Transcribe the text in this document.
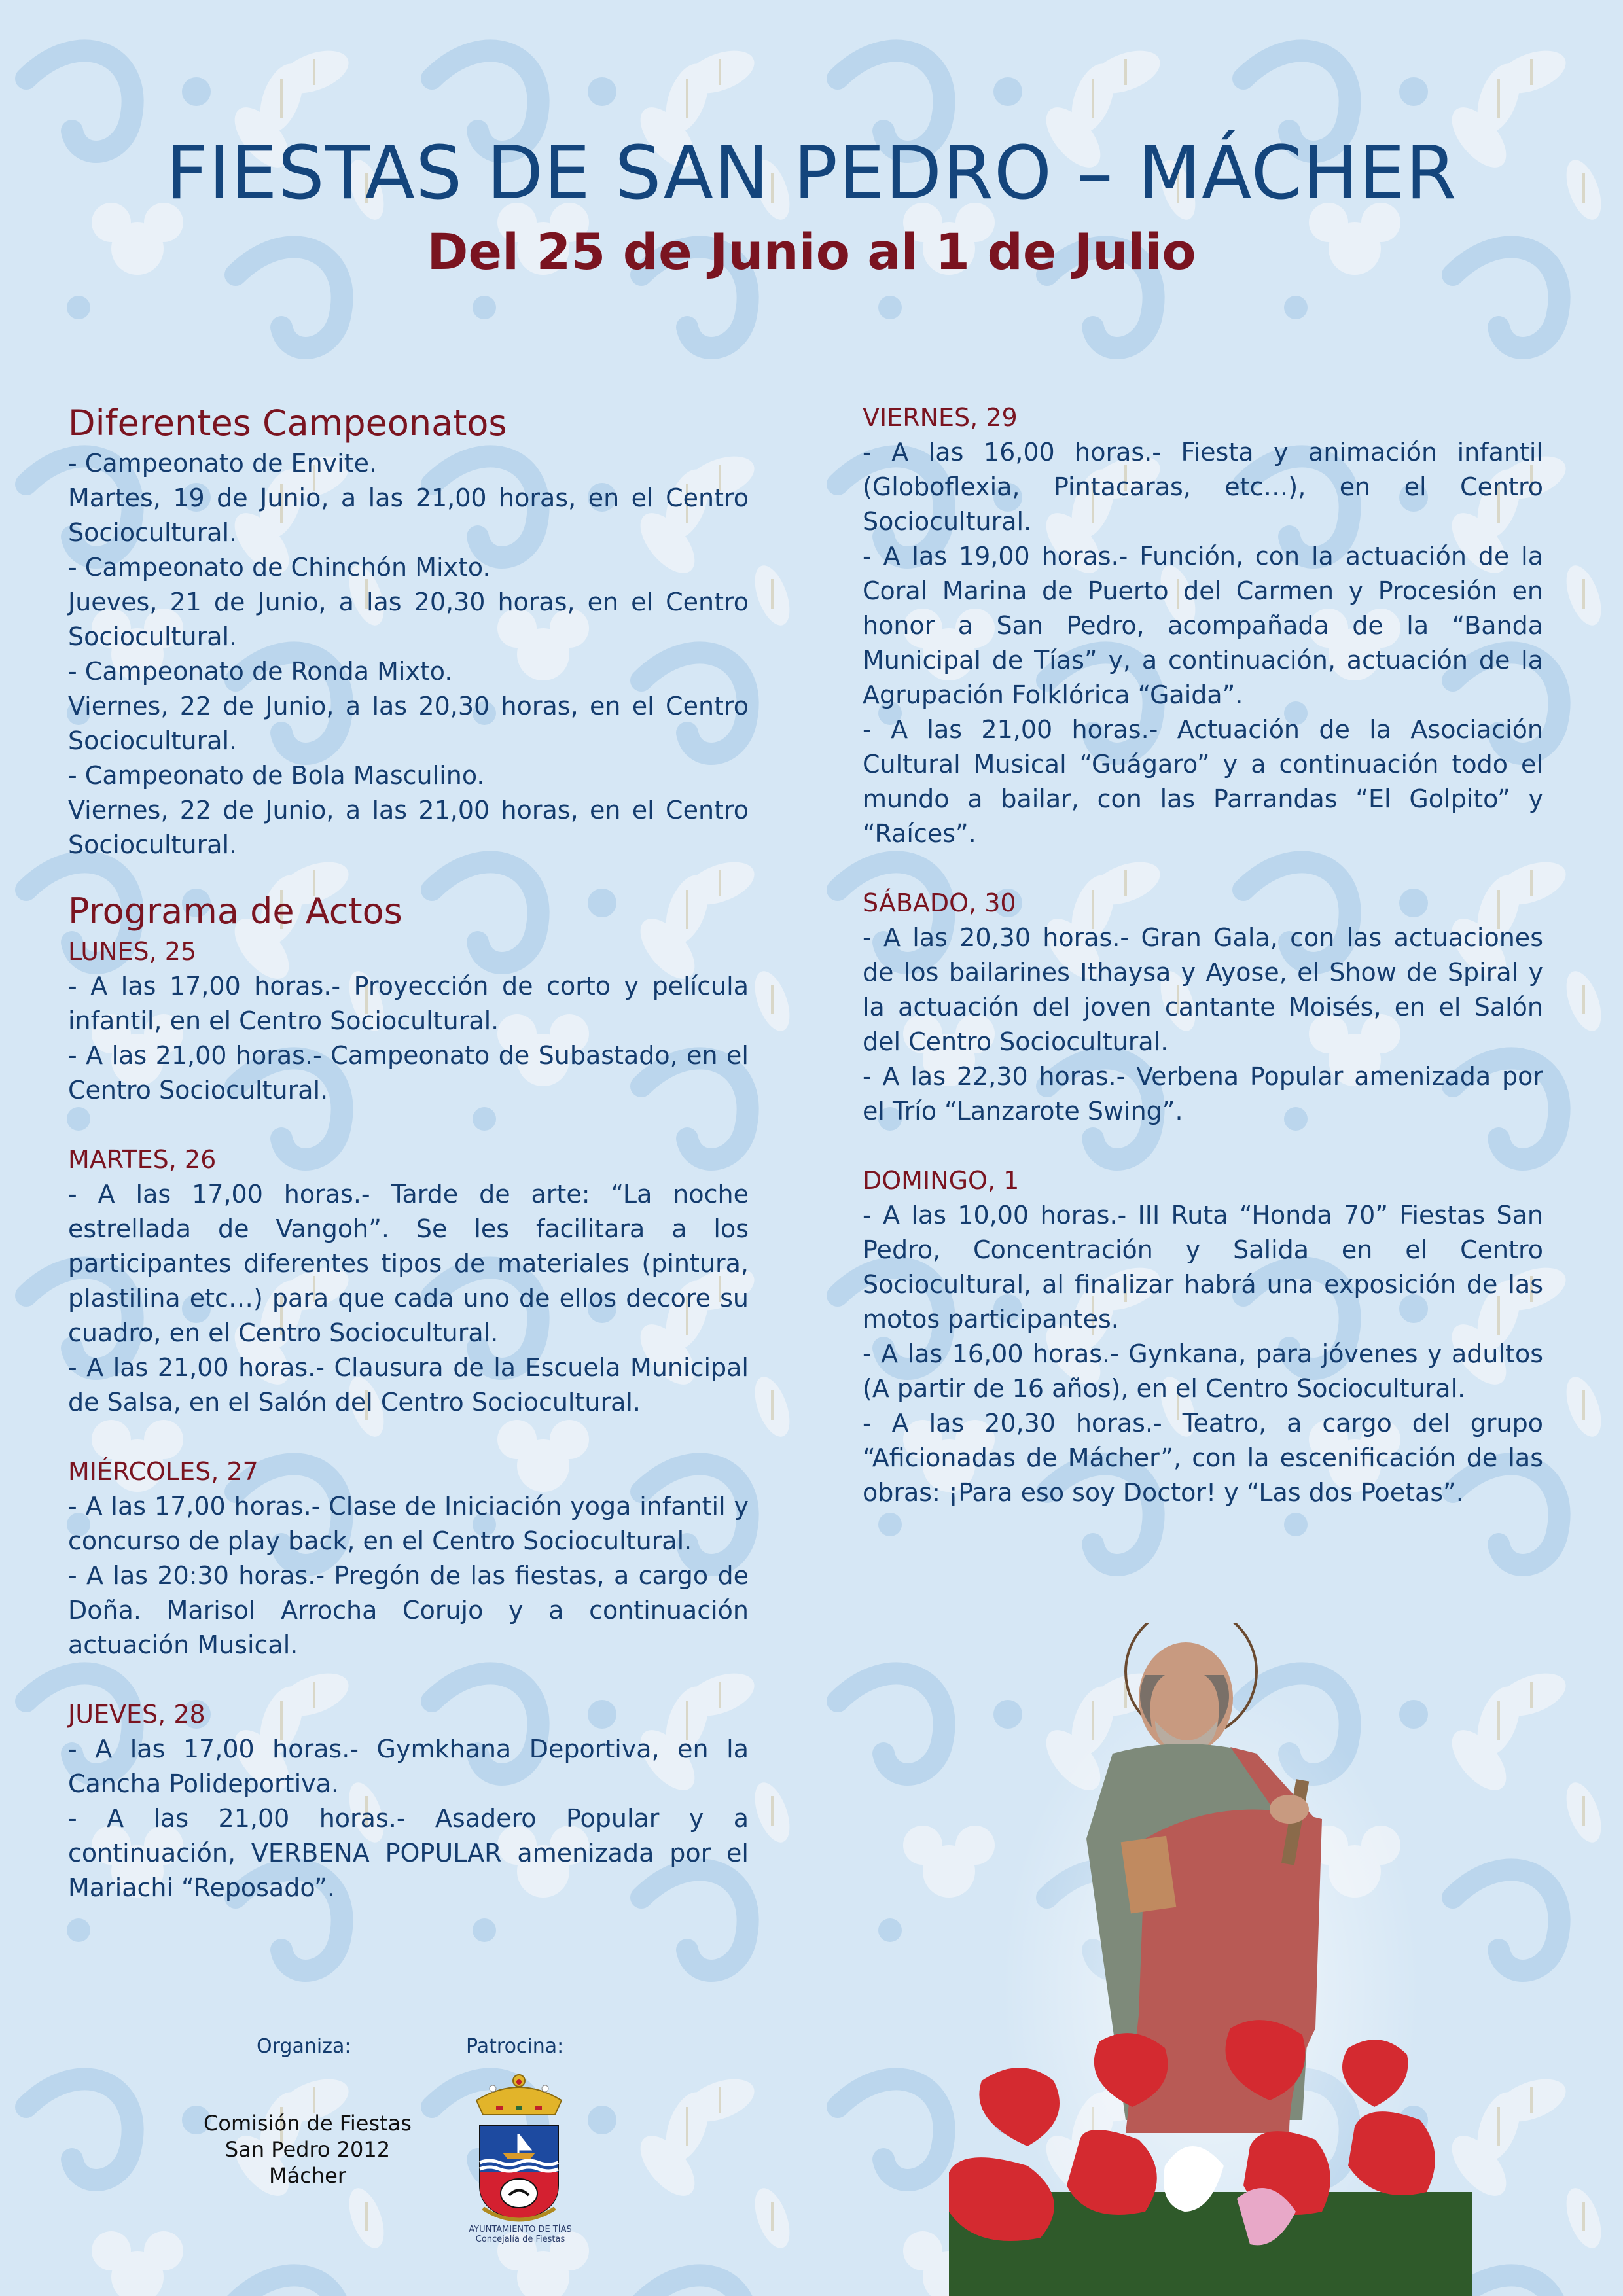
FIESTAS DE SAN PEDRO – MÁCHER
Del 25 de Junio al 1 de Julio
Diferentes Campeonatos

- Campeonato de Envite.

Martes, 19 de Junio, a las 21,00 horas, en el Centro Sociocultural.

- Campeonato de Chinchón Mixto.

Jueves, 21 de Junio, a las 20,30 horas, en el Centro Sociocultural.

- Campeonato de Ronda Mixto.

Viernes, 22 de Junio, a las 20,30 horas, en el Centro Sociocultural.

- Campeonato de Bola Masculino.

Viernes, 22 de Junio, a las 21,00 horas, en el Centro Sociocultural.

Programa de Actos

LUNES, 25

- A las 17,00 horas.- Proyección de corto y película infantil, en el Centro Sociocultural.

- A las 21,00 horas.- Campeonato de Subastado, en el Centro Sociocultural.

MARTES, 26

- A las 17,00 horas.- Tarde de arte: “La noche estrellada de Vangoh”. Se les facilitara a los participantes diferentes tipos de materiales (pintura, plastilina etc…) para que cada uno de ellos decore su cuadro, en el Centro Sociocultural.

- A las 21,00 horas.- Clausura de la Escuela Municipal de Salsa, en el Salón del Centro Sociocultural.

MIÉRCOLES, 27

- A las 17,00 horas.- Clase de Iniciación yoga infantil y concurso de play back, en el Centro Sociocultural.

- A las 20:30 horas.- Pregón de las fiestas, a cargo de Doña. Marisol Arrocha Corujo y a continuación actuación Musical.

JUEVES, 28

- A las 17,00 horas.- Gymkhana Deportiva, en la Cancha Polideportiva.

- A las 21,00 horas.- Asadero Popular y a continuación, VERBENA POPULAR amenizada por el Mariachi “Reposado”.

VIERNES, 29

- A las 16,00 horas.- Fiesta y animación infantil (Globoflexia, Pintacaras, etc…), en el Centro Sociocultural.

- A las 19,00 horas.- Función, con la actuación de la Coral Marina de Puerto del Carmen y Procesión en honor a San Pedro, acompañada de la “Banda Municipal de Tías” y, a continuación, actuación de la Agrupación Folklórica “Gaida”.

- A las 21,00 horas.- Actuación de la Asociación Cultural Musical “Guágaro” y a continuación todo el mundo a bailar, con las Parrandas “El Golpito” y “Raíces”.

SÁBADO, 30

- A las 20,30 horas.- Gran Gala, con las actuaciones de los bailarines Ithaysa y Ayose, el Show de Spiral y la actuación del joven cantante Moisés, en el Salón del Centro Sociocultural.

- A las 22,30 horas.- Verbena Popular amenizada por el Trío “Lanzarote Swing”.

DOMINGO, 1

- A las 10,00 horas.- III Ruta “Honda 70” Fiestas San Pedro, Concentración y Salida en el Centro Sociocultural, al finalizar habrá una exposición de las motos participantes.

- A las 16,00 horas.- Gynkana, para jóvenes y adultos (A partir de 16 años), en el Centro Sociocultural.

- A las 20,30 horas.- Teatro, a cargo del grupo “Aficionadas de Mácher”, con la escenificación de las obras: ¡Para eso soy Doctor! y “Las dos Poetas”.

Organiza:	Patrocina:
Comisión de Fiestas
San Pedro 2012
Mácher
AYUNTAMIENTO DE TÍAS
Concejalía de Fiestas
